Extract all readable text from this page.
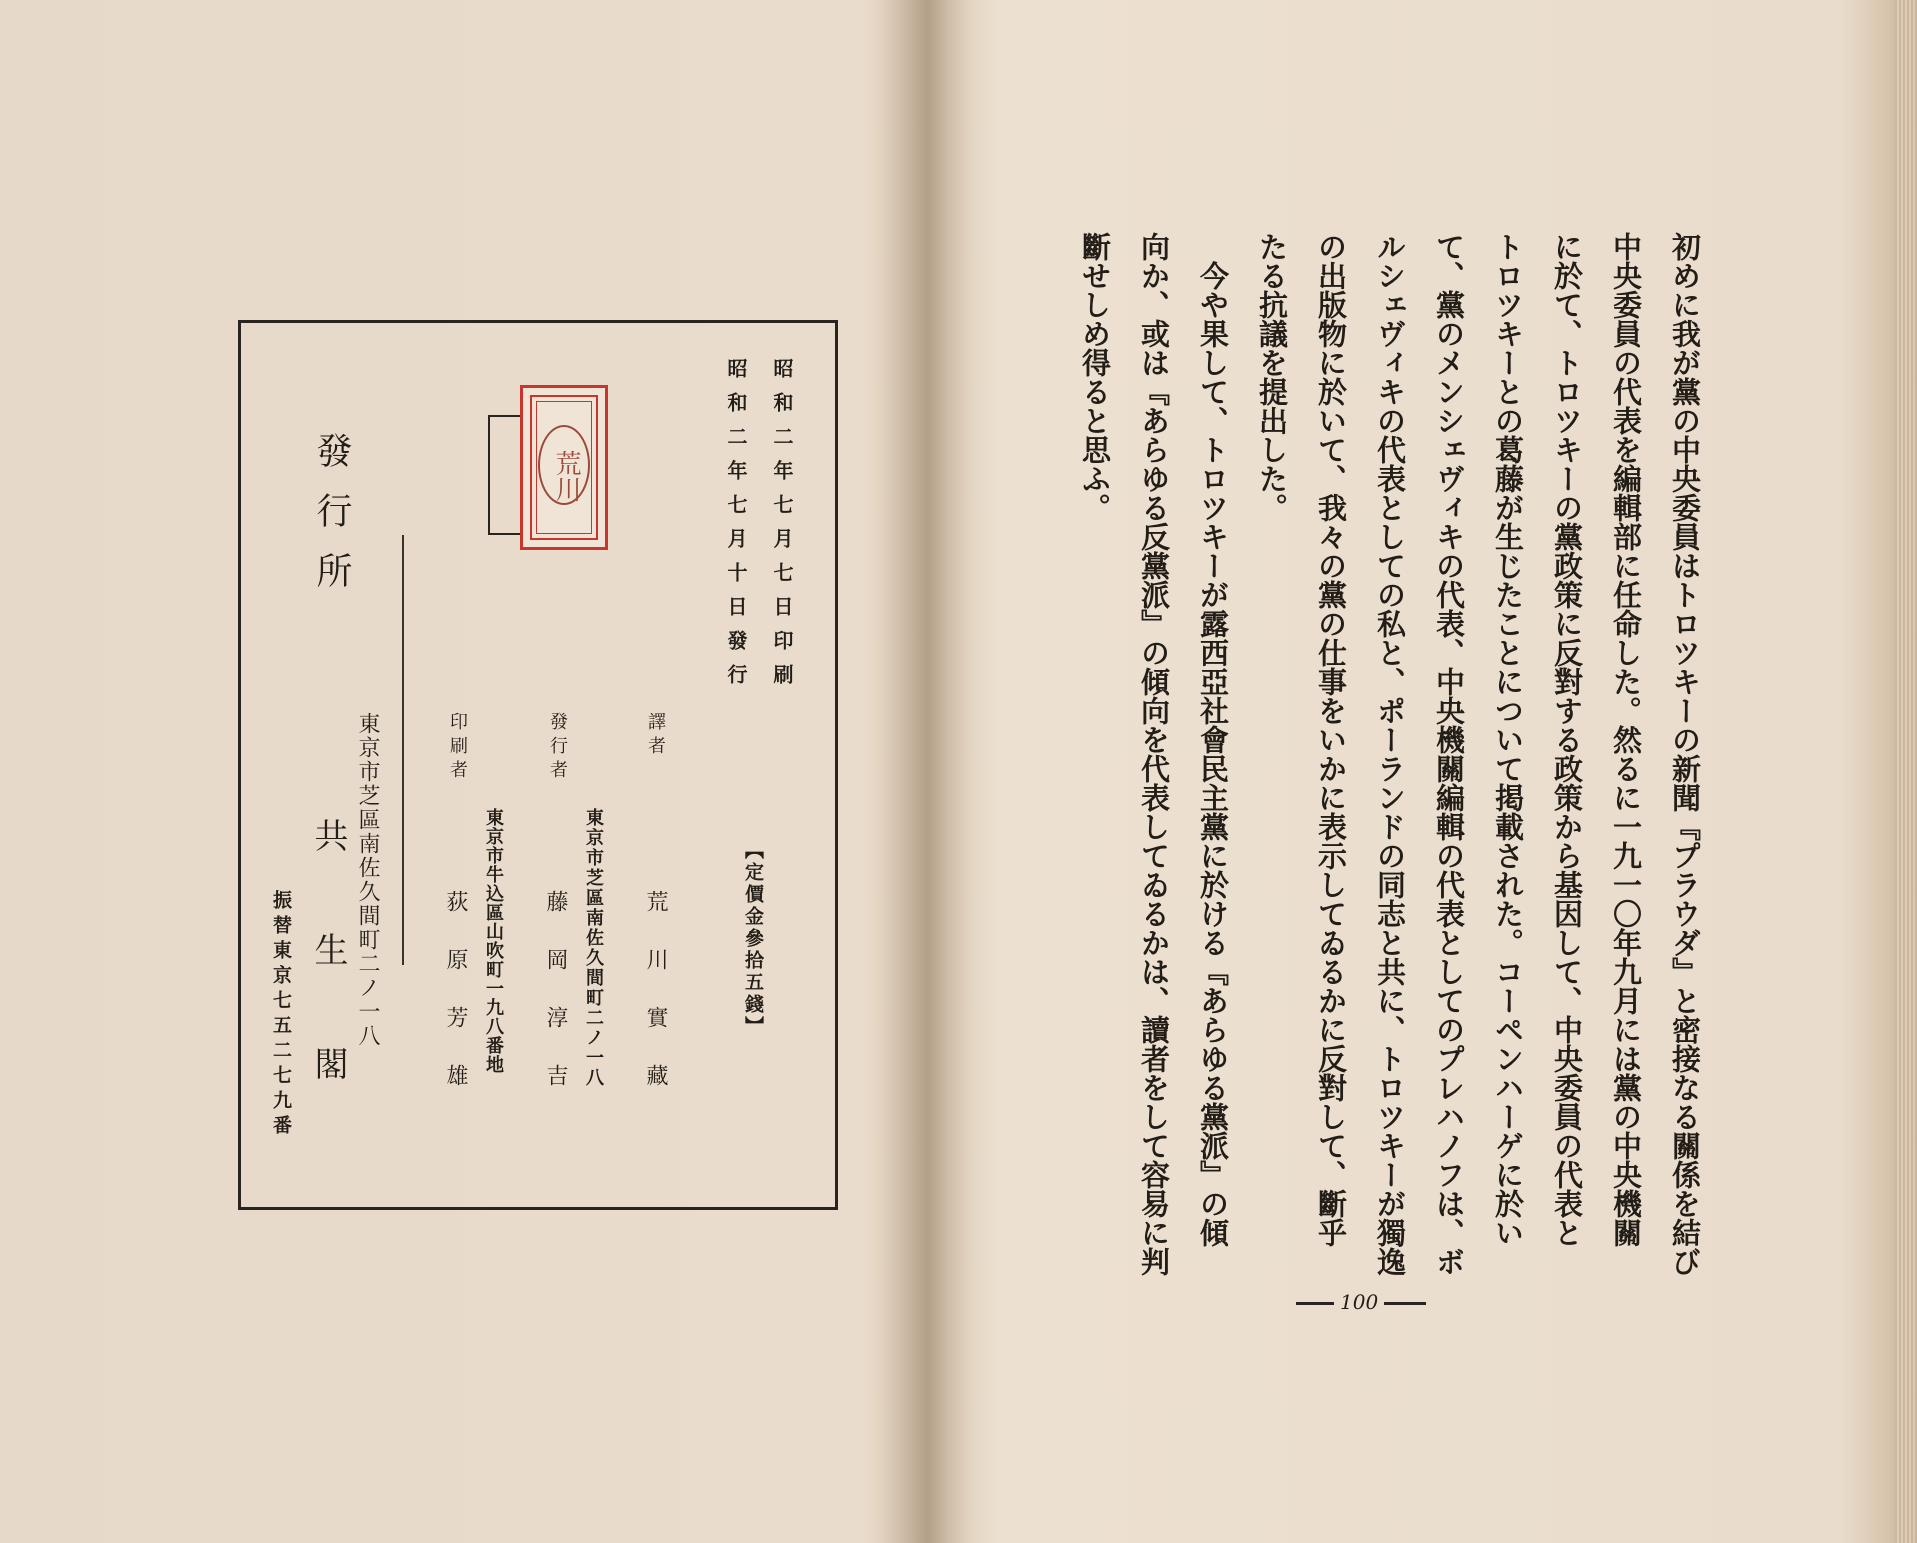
昭和二年七月七日印刷
昭和二年七月十日發行
【定價金參拾五錢】
譯者
荒川實藏
發行者
東京市芝區南佐久間町二ノ一八
藤岡淳吉
印刷者
東京市牛込區山吹町一九八番地
荻原芳雄
發行所
東京市芝區南佐久間町二ノ一八
共生閣
振替東京七五二七九番
荒川	初めに我が黨の中央委員はトロツキーの新聞『プラウダ』と密接なる關係を結び
中央委員の代表を編輯部に任命した。然るに一九一〇年九月には黨の中央機關
に於て、トロツキーの黨政策に反對する政策から基因して、中央委員の代表と
トロツキーとの葛藤が生じたことについて掲載された。コーペンハーゲに於い
て、黨のメンシェヴィキの代表、中央機關編輯の代表としてのプレハノフは、ボ
ルシェヴィキの代表としての私と、ポーランドの同志と共に、トロツキーが獨逸
の出版物に於いて、我々の黨の仕事をいかに表示してゐるかに反對して、斷乎
たる抗議を提出した。
　今や果して、トロツキーが露西亞社會民主黨に於ける『あらゆる黨派』の傾
向か、或は『あらゆる反黨派』の傾向を代表してゐるかは、讀者をして容易に判
斷せしめ得ると思ふ。
100
